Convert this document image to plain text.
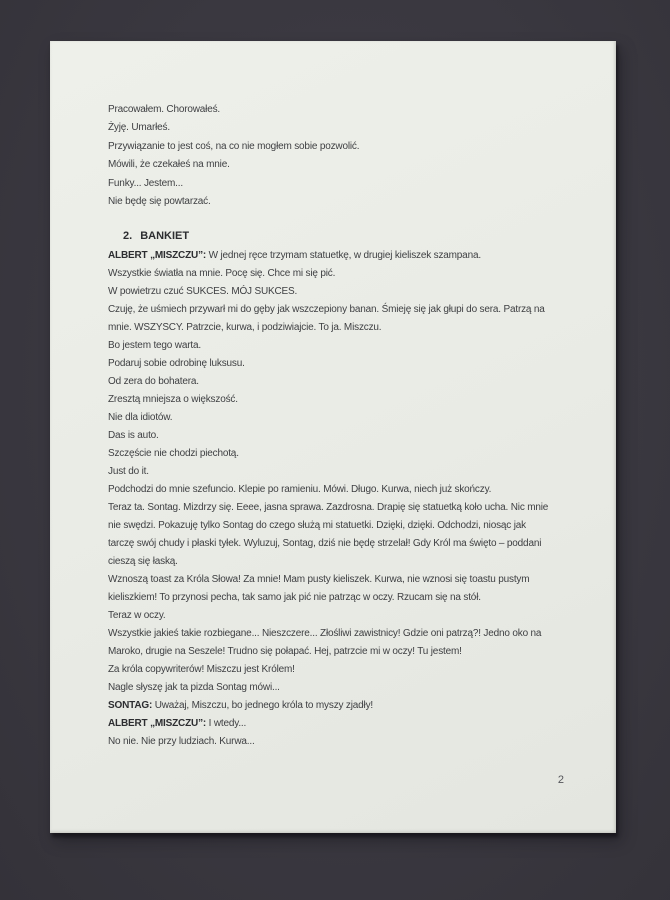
Pracowałem. Chorowałeś.
Żyję. Umarłeś.
Przywiązanie to jest coś, na co nie mogłem sobie pozwolić.
Mówili, że czekałeś na mnie.
Funky... Jestem...
Nie będę się powtarzać.
2. BANKIET
ALBERT „MISZCZU”: W jednej ręce trzymam statuetkę, w drugiej kieliszek szampana.
Wszystkie światła na mnie. Pocę się. Chce mi się pić.
W powietrzu czuć SUKCES. MÓJ SUKCES.
Czuję, że uśmiech przywarł mi do gęby jak wszczepiony banan. Śmieję się jak głupi do sera. Patrzą na
mnie. WSZYSCY. Patrzcie, kurwa, i podziwiajcie. To ja. Miszczu.
Bo jestem tego warta.
Podaruj sobie odrobinę luksusu.
Od zera do bohatera.
Zresztą mniejsza o większość.
Nie dla idiotów.
Das is auto.
Szczęście nie chodzi piechotą.
Just do it.
Podchodzi do mnie szefuncio. Klepie po ramieniu. Mówi. Długo. Kurwa, niech już skończy.
Teraz ta. Sontag. Mizdrzy się. Eeee, jasna sprawa. Zazdrosna. Drapię się statuetką koło ucha. Nic mnie
nie swędzi. Pokazuję tylko Sontag do czego służą mi statuetki. Dzięki, dzięki. Odchodzi, niosąc jak
tarczę swój chudy i płaski tyłek. Wyluzuj, Sontag, dziś nie będę strzelał! Gdy Król ma święto – poddani
cieszą się łaską.
Wznoszą toast za Króla Słowa! Za mnie! Mam pusty kieliszek. Kurwa, nie wznosi się toastu pustym
kieliszkiem! To przynosi pecha, tak samo jak pić nie patrząc w oczy. Rzucam się na stół.
Teraz w oczy.
Wszystkie jakieś takie rozbiegane... Nieszczere... Złośliwi zawistnicy! Gdzie oni patrzą?! Jedno oko na
Maroko, drugie na Seszele! Trudno się połapać. Hej, patrzcie mi w oczy! Tu jestem!
Za króla copywriterów! Miszczu jest Królem!
Nagle słyszę jak ta pizda Sontag mówi...
SONTAG: Uważaj, Miszczu, bo jednego króla to myszy zjadły!
ALBERT „MISZCZU”: I wtedy...
No nie. Nie przy ludziach. Kurwa...
2
